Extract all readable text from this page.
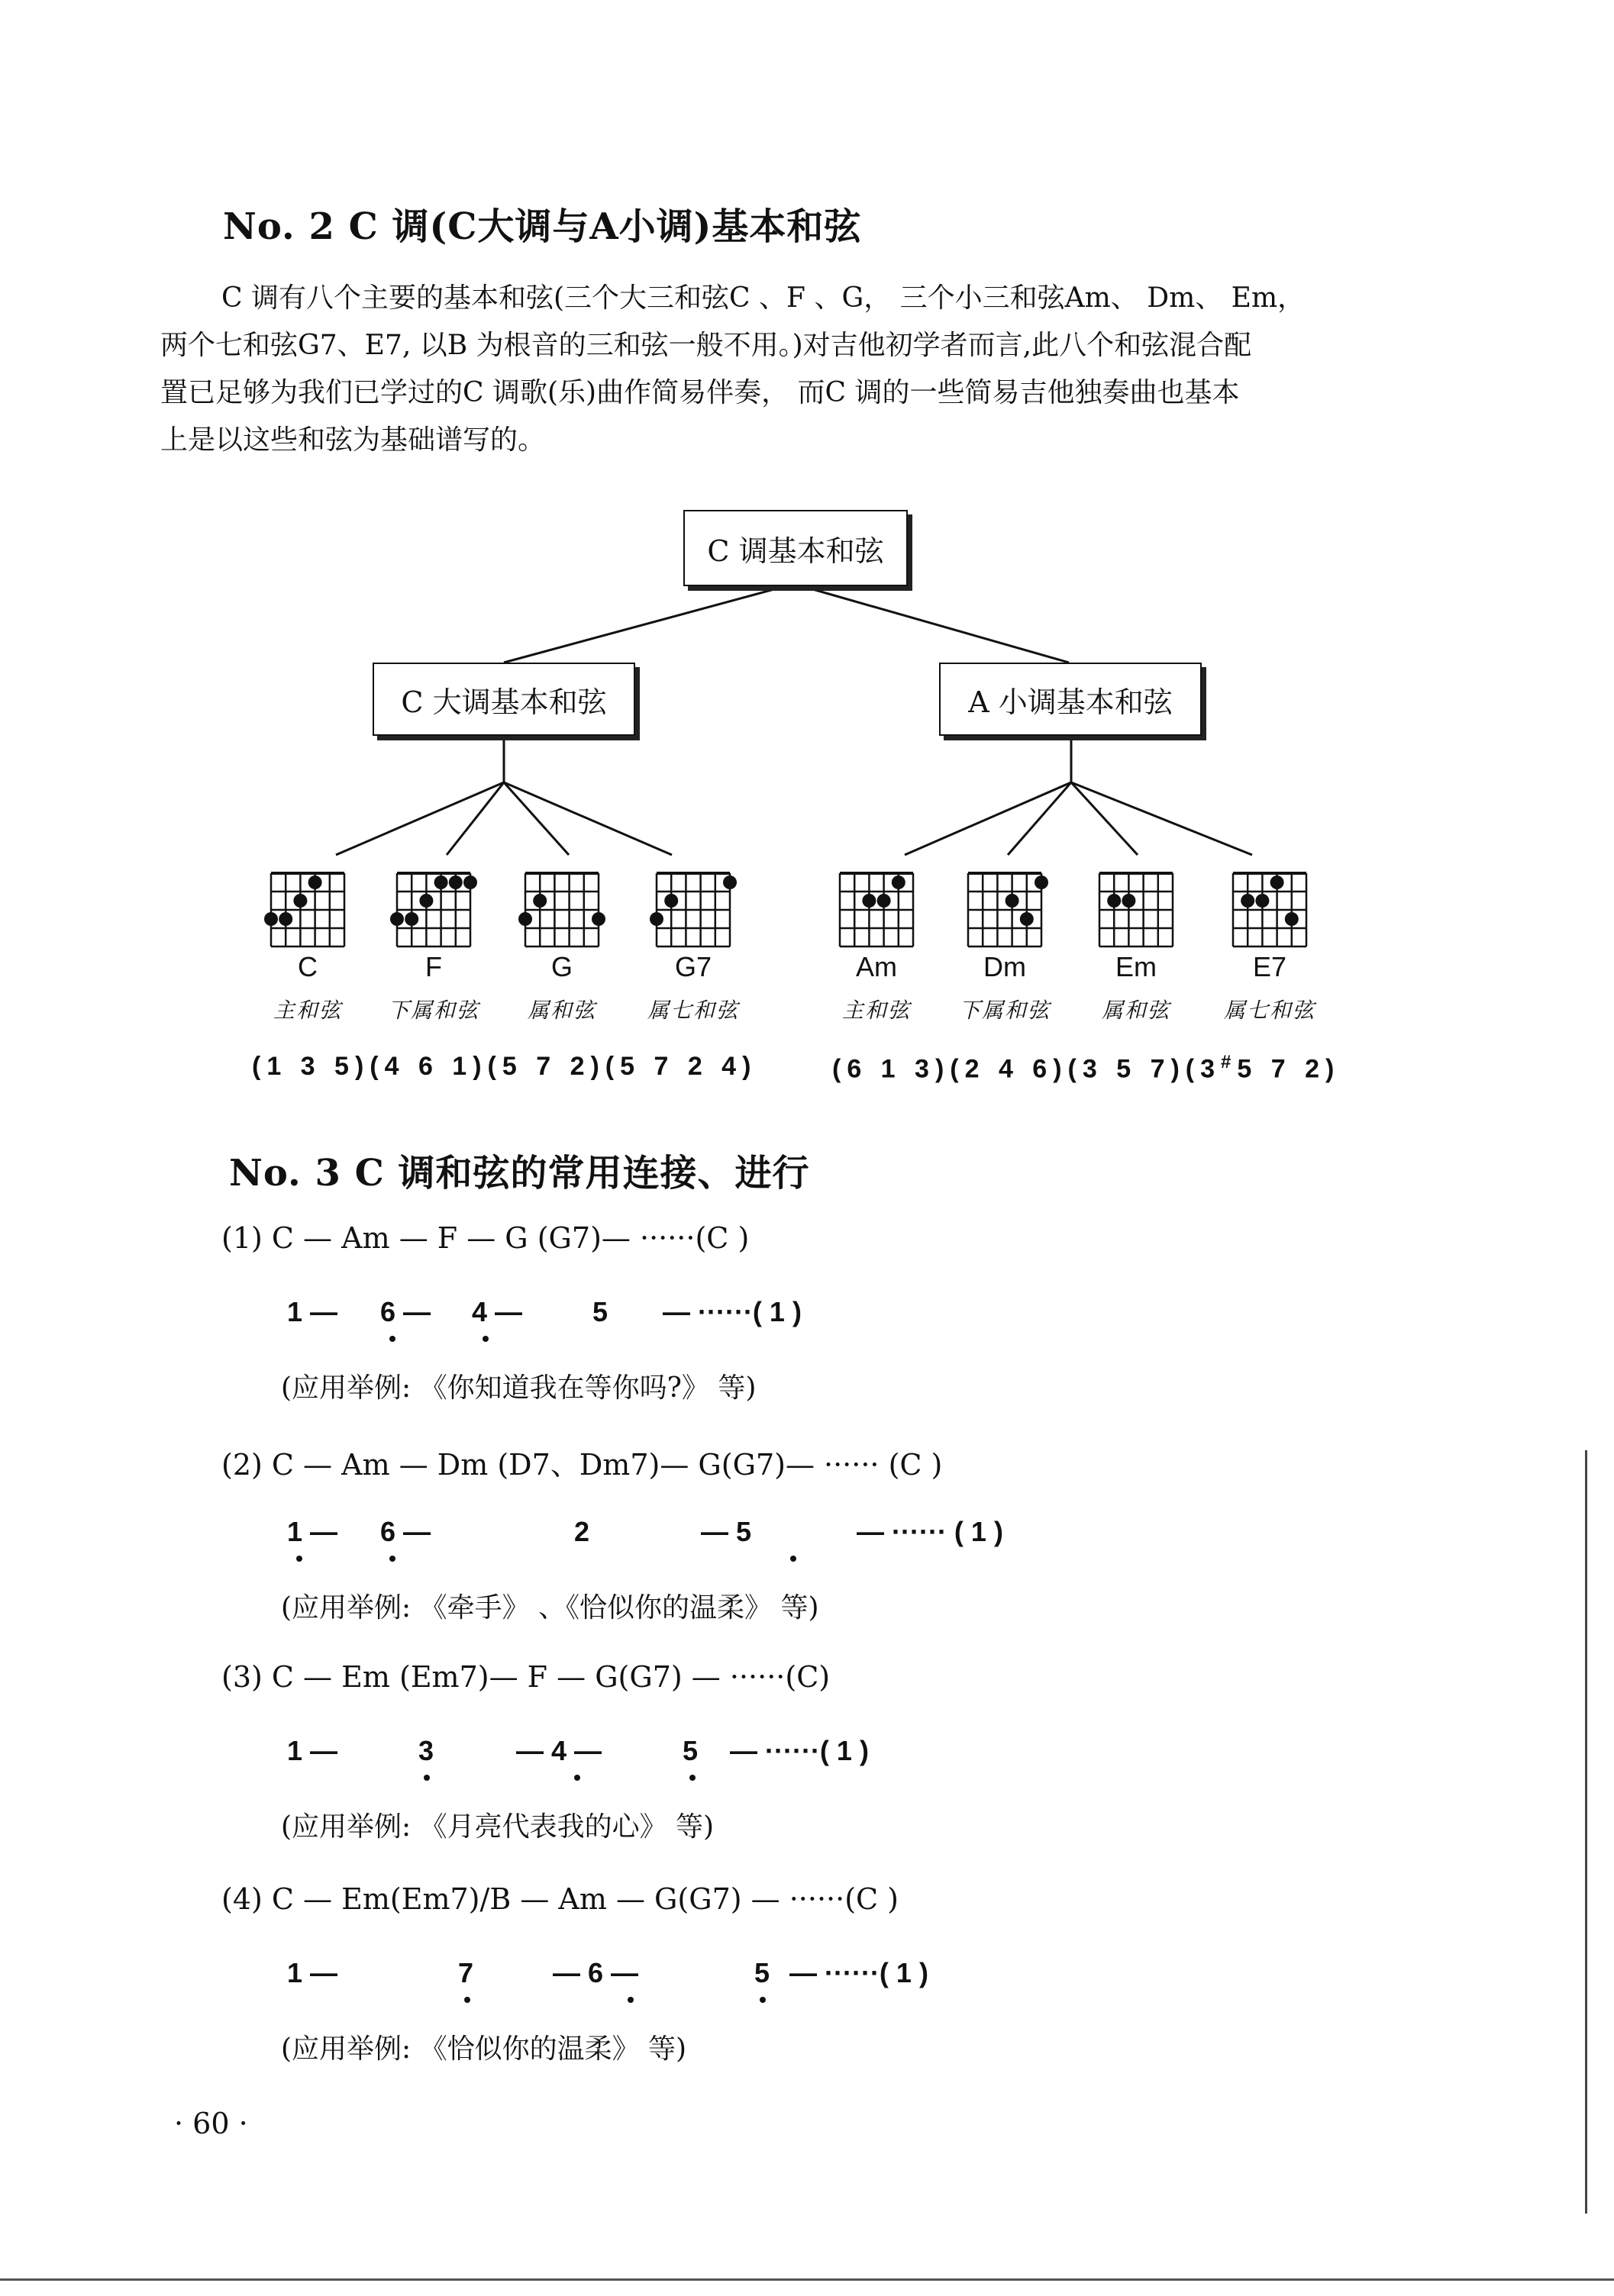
No. 2 C 调(C大调与A小调)基本和弦

C 调有八个主要的基本和弦(三个大三和弦C 、F 、G， 三个小三和弦Am、 Dm、 Em，

两个七和弦G7、E7, 以B 为根音的三和弦一般不用。)对吉他初学者而言,此八个和弦混合配

置已足够为我们已学过的C 调歌(乐)曲作简易伴奏， 而C 调的一些简易吉他独奏曲也基本

上是以这些和弦为基础谱写的。

C 调基本和弦
C 大调基本和弦	A 小调基本和弦
C
主和弦
F
下属和弦
G
属和弦
G7
属七和弦
Am
主和弦
Dm
下属和弦
Em
属和弦
E7
属七和弦
(1 3 5)(4 6 1)(5 7 2)(5 7 2 4)	(6 1 3)(2 4 6)(3 5 7)(3#5 7 2)
No. 3 C 调和弦的常用连接、进行
(1) C — Am — F — G (G7)— ······(C )
1 — 6 — 4 —	5 — ······( 1 )
(应用举例: 《你知道我在等你吗?》 等)
(2) C — Am — Dm (D7、Dm7)— G(G7)— ······ (C )
1 — 6 —	2	— 5	— ······ ( 1 )
(应用举例: 《牵手》 、《恰似你的温柔》 等)
(3) C — Em (Em7)— F — G(G7) — ······(C)
1 —	3	— 4 —	5 — ······( 1 )
(应用举例: 《月亮代表我的心》 等)
(4) C — Em(Em7)/B — Am — G(G7) — ······(C )
1 —	7	— 6 —	5 — ······( 1 )
(应用举例: 《恰似你的温柔》 等)
· 60 ·
